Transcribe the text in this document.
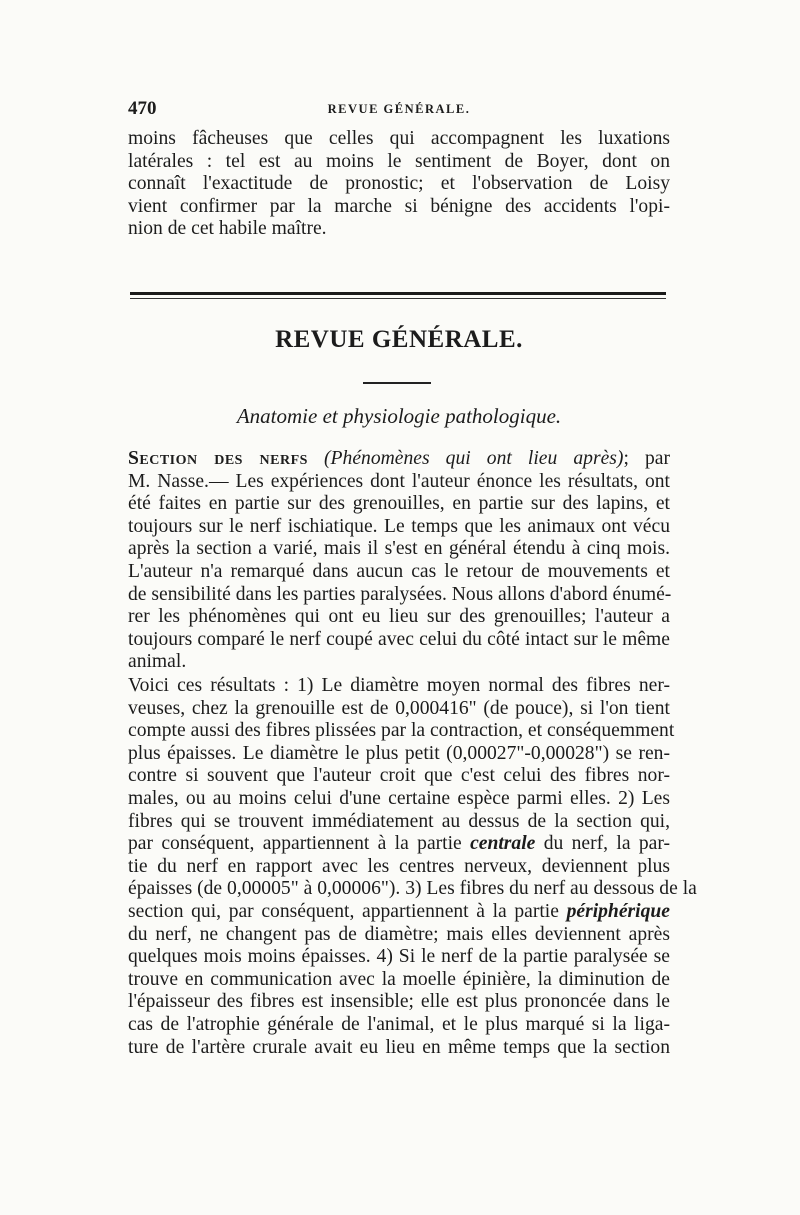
470	REVUE GÉNÉRALE.
moins fâcheuses que celles qui accompagnent les luxations
latérales : tel est au moins le sentiment de Boyer, dont on
connaît l'exactitude de pronostic; et l'observation de Loisy
vient confirmer par la marche si bénigne des accidents l'opi-
nion de cet habile maître.
REVUE GÉNÉRALE.
Anatomie et physiologie pathologique.
Section des nerfs (Phénomènes qui ont lieu après); par
M. Nasse.— Les expériences dont l'auteur énonce les résultats, ont
été faites en partie sur des grenouilles, en partie sur des lapins, et
toujours sur le nerf ischiatique. Le temps que les animaux ont vécu
après la section a varié, mais il s'est en général étendu à cinq mois.
L'auteur n'a remarqué dans aucun cas le retour de mouvements et
de sensibilité dans les parties paralysées. Nous allons d'abord énumé-
rer les phénomènes qui ont eu lieu sur des grenouilles; l'auteur a
toujours comparé le nerf coupé avec celui du côté intact sur le même
animal.
Voici ces résultats : 1) Le diamètre moyen normal des fibres ner-
veuses, chez la grenouille est de 0,000416" (de pouce), si l'on tient
compte aussi des fibres plissées par la contraction, et conséquemment
plus épaisses. Le diamètre le plus petit (0,00027"-0,00028") se ren-
contre si souvent que l'auteur croit que c'est celui des fibres nor-
males, ou au moins celui d'une certaine espèce parmi elles. 2) Les
fibres qui se trouvent immédiatement au dessus de la section qui,
par conséquent, appartiennent à la partie centrale du nerf, la par-
tie du nerf en rapport avec les centres nerveux, deviennent plus
épaisses (de 0,00005" à 0,00006"). 3) Les fibres du nerf au dessous de la
section qui, par conséquent, appartiennent à la partie périphérique
du nerf, ne changent pas de diamètre; mais elles deviennent après
quelques mois moins épaisses. 4) Si le nerf de la partie paralysée se
trouve en communication avec la moelle épinière, la diminution de
l'épaisseur des fibres est insensible; elle est plus prononcée dans le
cas de l'atrophie générale de l'animal, et le plus marqué si la liga-
ture de l'artère crurale avait eu lieu en même temps que la section
